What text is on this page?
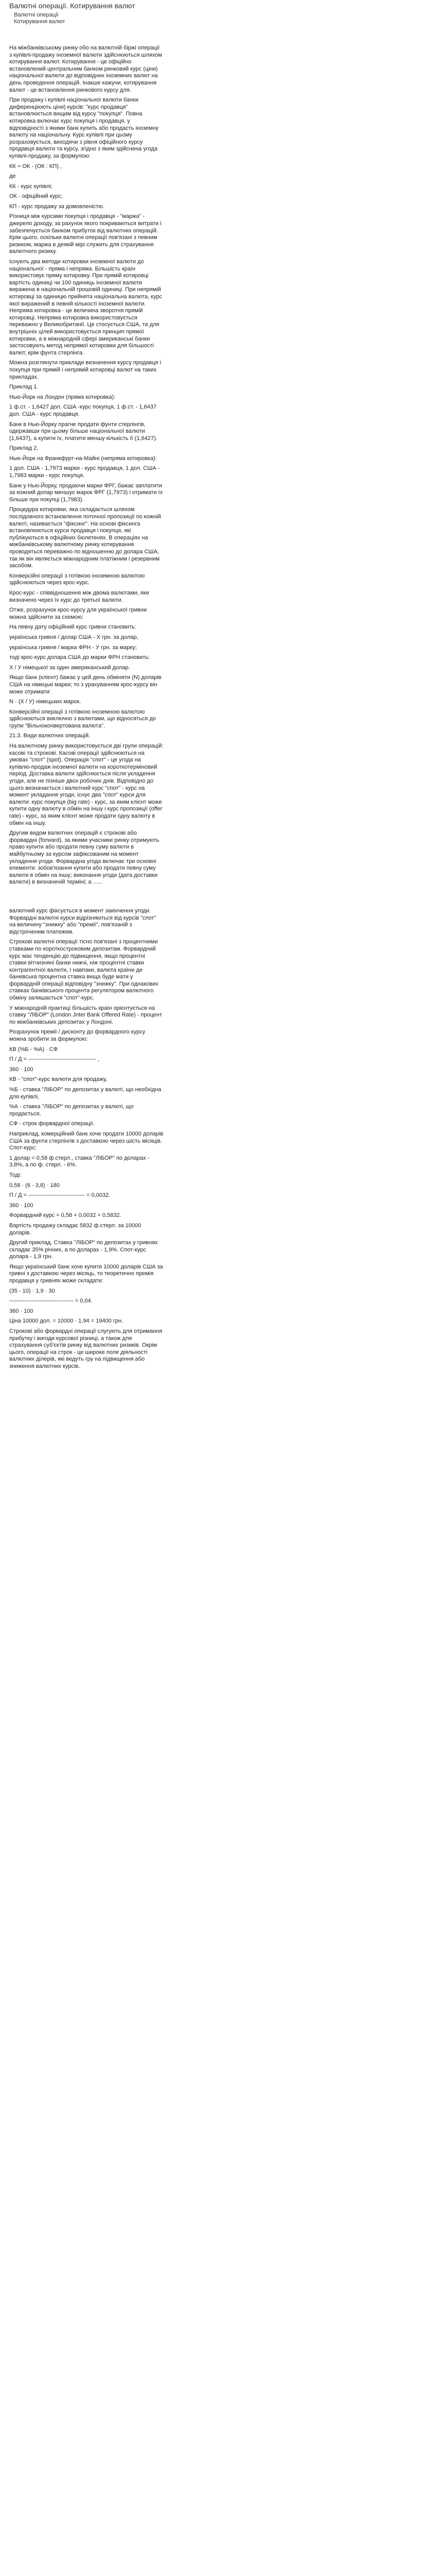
Валютні операції. Котирування валют
Валютні операції
Котирування валют

На міжбанківському ринку обо на валютній біржі операції з купівлі-продажу іноземної валюти здійснюються шляхом котирування валют. Котирування - це офіційно встановлений центральним банком ринковий курс (ціни) національної валюти до відповідних іноземних валют на день проведення операцій. Інакше кажучи, котирування валют - це встановлення ринкового курсу для.

При продажу і купівлі національної валюти банки диференціюють ціни) курсів: "курс продавця" встановлюється вищим від курсу "покупця". Повна котировка включає курс покупця і продавця, у відповідності з якими банк купить або продасть іноземну валюту на національну. Курс купівлі при цьому розраховується, виходячи з рівня офіційного курсу продавця валюти та курсу, згідно з яким здійснена угода купівлі-продажу, за формулою:

КК = ОК - (ОК : КП) ,

де

КК - курс купівлі;

ОК - офіційний курс;

КП - курс продажу за домовленістю.

Різниця між курсами покупця і продавця - "маржа" - джерело доходу, за рахунок якого покриваються витрати і забезпечується банком прибуток від валютних операцій. Крім цього, оскільки валютні операції пов'язані з певним ризиком, маржа в деякій мірі служить для страхування валютного ризику.

Існують два методи котировки іноземної валюти до національної - пряма і непряма. Більшість країн використовує пряму котировку. При прямій котировці вартість одиниці чи 100 одиниць іноземної валюти виражена в національній грошовій одиниці. При непрямій котировці за одиницю прийнята національна валюта, курс якої виражений в певній кількості іноземної валюти. Непряма котировка - це величина зворотня прямій котировці. Непряма котировка використовується переважно у Великобританії. Це стосується США, та для внутрішніх цілей використовується принцип прямої котировки, а в міжнародній сфері американські банки застосовують метод непрямої котировки для більшості валют, крім фунта стерлінга.

Можна розглянути приклади визначення курсу продавця і покупця при прямій і непрямій котировці валют на таких прикладах.

Приклад 1.

Нью-Йорк на Лондон (пряма котировка):

1 ф.ст. - 1,6427 дол. США -курс покупця, 1 ф.ст. - 1,6437 дол. США - курс продавця.

Банк в Нью-Йорку прагне продати фунти стерлінгів, одержавши при цьому більше національної валюти (1,6437), а купити їх, платити меншу кількість її (1,6427).

Приклад 2.

Нью-Йорк на Франкфурт-на-Майні (непряма котировка):

1 дол. США - 1,7973 марки - курс продавця, 1 дол. США - 1,7983 марки - курс покупця.

Банк у Нью-Йорку, продаючи марки ФРГ, бажає заплатити за кожний долар меншує марок ФРГ (1,7973) і отримати їх більше при покупці (1,7983).

Процедура котировки, яка складається шляхом послідовного встановлення поточної пропозиції по кожній валюті, називається "фіксинг". На основі фіксинга встановлюються курси продавця і покупця, які публікуються в офіційних бюлетенях. В операціях на міжбанківському валютному ринку котирування проводяться переважно по відношенню до долара США, так як він являється міжнародним платіжним і резервним засобом.

Конверсійні операції з готівкою іноземною валютою здійснюються через крос-курс.

Крос-курс - співвідношення між двома валютами, яке визначено через їх курс до третьої валюти.

Отже, розрахунок крос-курсу для української гривни можна здійснити за схемою:

На певну дату офіційний курс гривни становить:

українська гривня / долар США - Х грн. за долар,

українська гривня / марка ФРН - У грн. за марку;

тоді крос-курс долара США до марки ФРН становить:

Х / У німецької за один американський долар.

Якщо банк (клієнт) бажає у цей день обміняти (N) доларів США на німецькі марки; то з урахуванням крос-курсу він може отримати:

N · (Х / У) німецьких марок.

Конверсійні операції з готівкою іноземною валютою здійснюються виключно з валютами, що відносяться до групи "Вільноконвертована валюта".

21.3. Види валютних операцій.

На валютному ринку використовується дві групи операцій: касові та строкові. Касові операції здійснюються на умовах "спот" (spot). Операція "спот" - це угода на купівлю-продаж іноземної валюти на короткотерміновий період. Доставка валюти здійснюється після укладення угоди, але не пізніше двох робочих днів. Відповідно до цього визначається і валютний курс "спот" - курс на момент укладання угоди, існує два "спот" курси для валюти: курс покупця (big rate) - курс, за яким клієнт може купити одну валюту в обмін на іншу і курс пропозиції (offer rate) - курс, за яким клієнт може продати одну валюту в обмін на іншу.

Другим видом валютних операцій є строкові або форвардні (forward), за якими учасники ринку отримують право купити або продати певну суму валюти в майбутньому за курсом зафіксованим на момент укладення угоди. Форвардна угода включає три основні елементи: зобов'язання купити або продати певну суму валюти в обмін на іншу; виконання угоди (дата доставки валюти) в визначеній терміні; а ......

валютний курс фіксується в момент закінчення угоди. Форвардні валютні курси відрізняються від курсів "спот" на величину "знижку" або "премії", пов'язаній з відстроченим платежем.

Строкові валютні операції тісно пов'язані з процентними ставками по короткостроковим депозитам. Форвардний курс має тенденцію до підвищення, якщо процентні ставки вітчизняні банки нижчі, ніж процентні ставки контрагентної валюти, І навпаки, валюта країни де банківська процентна ставка вища буде мати у форвардній операції відповідну "знижку". При однакових ставках банківського процента регулятором валютного обміну залишається "спот"-курс.

У міжнародній практиці більшість країн орієнтується на ставку "ЛІБОР" (London Jnter Bank Offered Rate) - процент по міжбанківських депозитах у Лондоні.

Розрахунок премії / дисконту до форвардного курсу можна зробити за формулою:

КВ (%Б - %А) · СФ

П / Д = ------------------------------------ ,

360 · 100

КВ - "спот"-курс валюти для продажу,

%Б - ставка "ЛІБОР" по депозитах у валюті, що необхідна для купівлі,

%А - ставка "ЛІБОР" по депозитах у валюті, що продається,

СФ - строк форвардної операції.

Наприклад, комерційний банк хоче продати 10000 доларів США за фунти стерлінгів з доставкою через шість місяців. Спот-курс:

1 долар = 0,58 ф.стерл., ставка "ЛІБОР" по доларах - 3,8%, а по ф. стерл. - 6%.

Тоді:

0,58 · (6 - 3,8) · 180

П / Д = ------------------------------ = 0,0032.

360 · 100

Форвардний курс = 0,58 + 0,0032 = 0,5832.

Вартість продажу складає 5832 ф.стерл. за 10000 доларів.

Другий приклад. Ставка "ЛІБОР" по депозитах у гривнях складає 35% річних, а по доларах - 1,9%. Спот-курс долара - 1,9 грн.

Якщо український банк хоче купити 10000 доларів США за гривні з доставкою через місяць, то теоретично премія продавця у гривнях може складати:

(35 - 10) · 1,9 · 30

---------------------------------- = 0,04.

360 · 100

Ціна 10000 дол. = 10000 · 1,94 = 19400 грн.

Строкові або форвардні операції слугують для отримання прибутку і вигоди курсової різниці, а також для страхування суб'єктів ринку від валютних ризиків. Окрім цього, операції на строк - це широке поле діяльності валютних ділерів, які ведуть гру на підвищення або зниження валютних курсів.
